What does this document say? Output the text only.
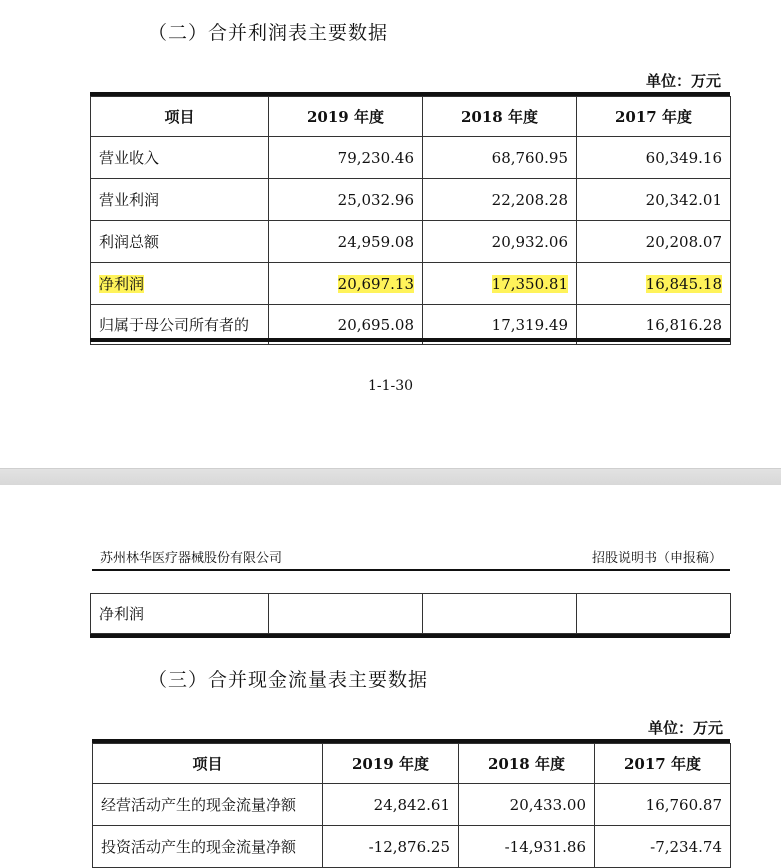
（二）合并利润表主要数据
单位：万元
项目	2019 年度	2018 年度	2017 年度
营业收入	79,230.46	68,760.95	60,349.16
营业利润	25,032.96	22,208.28	20,342.01
利润总额	24,959.08	20,932.06	20,208.07
净利润	20,697.13	17,350.81	16,845.18
归属于母公司所有者的	20,695.08	17,319.49	16,816.28
1-1-30
苏州林华医疗器械股份有限公司	招股说明书（申报稿）
净利润			
（三）合并现金流量表主要数据
单位：万元
项目	2019 年度	2018 年度	2017 年度
经营活动产生的现金流量净额	24,842.61	20,433.00	16,760.87
投资活动产生的现金流量净额	-12,876.25	-14,931.86	-7,234.74
